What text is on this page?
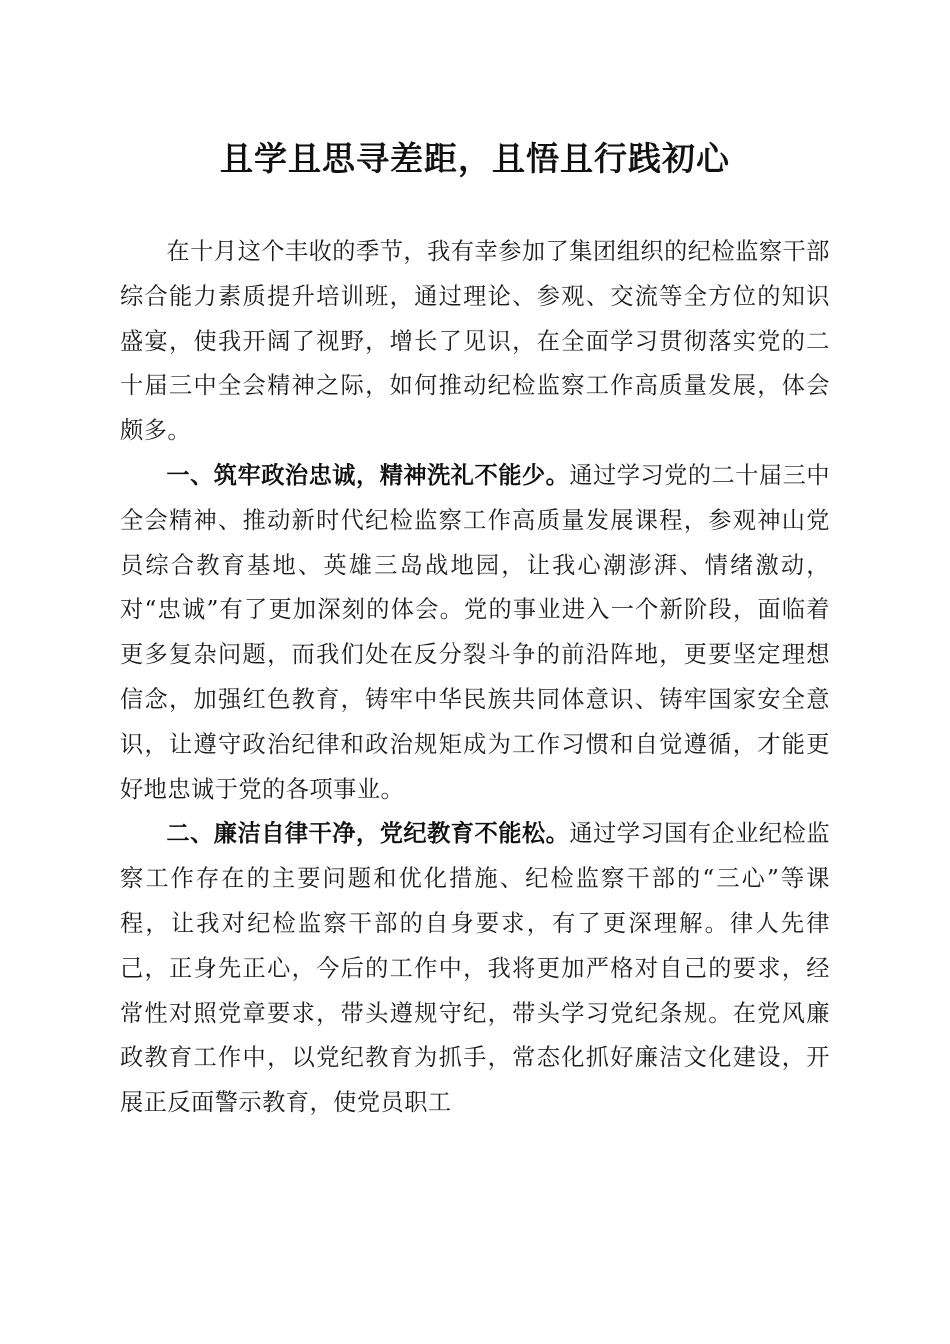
且学且思寻差距，且悟且行践初心

在十月这个丰收的季节，我有幸参加了集团组织的纪检监察干部综合能力素质提升培训班，通过理论、参观、交流等全方位的知识盛宴，使我开阔了视野，增长了见识，在全面学习贯彻落实党的二十届三中全会精神之际，如何推动纪检监察工作高质量发展，体会颇多。

一、筑牢政治忠诚，精神洗礼不能少。通过学习党的二十届三中全会精神、推动新时代纪检监察工作高质量发展课程，参观神山党员综合教育基地、英雄三岛战地园，让我心潮澎湃、情绪激动，对“忠诚”有了更加深刻的体会。党的事业进入一个新阶段，面临着更多复杂问题，而我们处在反分裂斗争的前沿阵地，更要坚定理想信念，加强红色教育，铸牢中华民族共同体意识、铸牢国家安全意识，让遵守政治纪律和政治规矩成为工作习惯和自觉遵循，才能更好地忠诚于党的各项事业。

二、廉洁自律干净，党纪教育不能松。通过学习国有企业纪检监察工作存在的主要问题和优化措施、纪检监察干部的“三心”等课程，让我对纪检监察干部的自身要求，有了更深理解。律人先律己，正身先正心，今后的工作中，我将更加严格对自己的要求，经常性对照党章要求，带头遵规守纪，带头学习党纪条规。在党风廉政教育工作中，以党纪教育为抓手，常态化抓好廉洁文化建设，开展正反面警示教育，使党员职工
